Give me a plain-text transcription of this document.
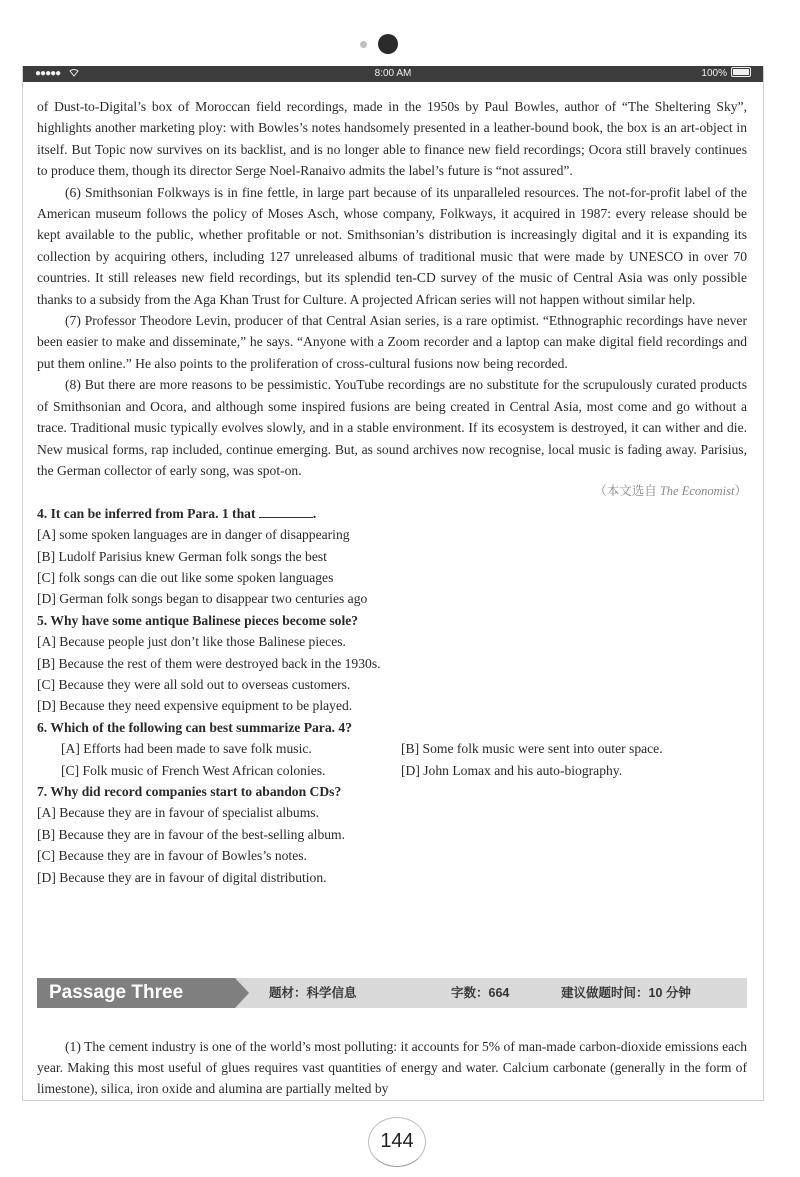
●●●●●	8:00 AM	100%

of Dust-to-Digital’s box of Moroccan field recordings, made in the 1950s by Paul Bowles, author of “The Sheltering Sky”, highlights another marketing ploy: with Bowles’s notes handsomely presented in a leather-bound book, the box is an art-object in itself. But Topic now survives on its backlist, and is no longer able to finance new field recordings; Ocora still bravely continues to produce them, though its director Serge Noel-Ranaivo admits the label’s future is “not assured”.

(6) Smithsonian Folkways is in fine fettle, in large part because of its unparalleled resources. The not-for-profit label of the American museum follows the policy of Moses Asch, whose company, Folkways, it acquired in 1987: every release should be kept available to the public, whether profitable or not. Smithsonian’s distribution is increasingly digital and it is expanding its collection by acquiring others, including 127 unreleased albums of traditional music that were made by UNESCO in over 70 countries. It still releases new field recordings, but its splendid ten-CD survey of the music of Central Asia was only possible thanks to a subsidy from the Aga Khan Trust for Culture. A projected African series will not happen without similar help.

(7) Professor Theodore Levin, producer of that Central Asian series, is a rare optimist. “Ethnographic recordings have never been easier to make and disseminate,” he says. “Anyone with a Zoom recorder and a laptop can make digital field recordings and put them online.” He also points to the proliferation of cross-cultural fusions now being recorded.

(8) But there are more reasons to be pessimistic. YouTube recordings are no substitute for the scrupulously curated products of Smithsonian and Ocora, and although some inspired fusions are being created in Central Asia, most come and go without a trace. Traditional music typically evolves slowly, and in a stable environment. If its ecosystem is destroyed, it can wither and die. New musical forms, rap included, continue emerging. But, as sound archives now recognise, local music is fading away. Parisius, the German collector of early song, was spot-on.

（本文选自 The Economist）

4. It can be inferred from Para. 1 that	.

[A] some spoken languages are in danger of disappearing

[B] Ludolf Parisius knew German folk songs the best

[C] folk songs can die out like some spoken languages

[D] German folk songs began to disappear two centuries ago

5. Why have some antique Balinese pieces become sole?

[A] Because people just don’t like those Balinese pieces.

[B] Because the rest of them were destroyed back in the 1930s.

[C] Because they were all sold out to overseas customers.

[D] Because they need expensive equipment to be played.

6. Which of the following can best summarize Para. 4?

[A] Efforts had been made to save folk music.	[B] Some folk music were sent into outer space.

[C] Folk music of French West African colonies.	[D] John Lomax and his auto-biography.

7. Why did record companies start to abandon CDs?

[A] Because they are in favour of specialist albums.

[B] Because they are in favour of the best-selling album.

[C] Because they are in favour of Bowles’s notes.

[D] Because they are in favour of digital distribution.

Passage Three	题材：科学信息	字数：664	建议做题时间：10 分钟

(1) The cement industry is one of the world’s most polluting: it accounts for 5% of man-made carbon-dioxide emissions each year. Making this most useful of glues requires vast quantities of energy and water. Calcium carbonate (generally in the form of limestone), silica, iron oxide and alumina are partially melted by

144
